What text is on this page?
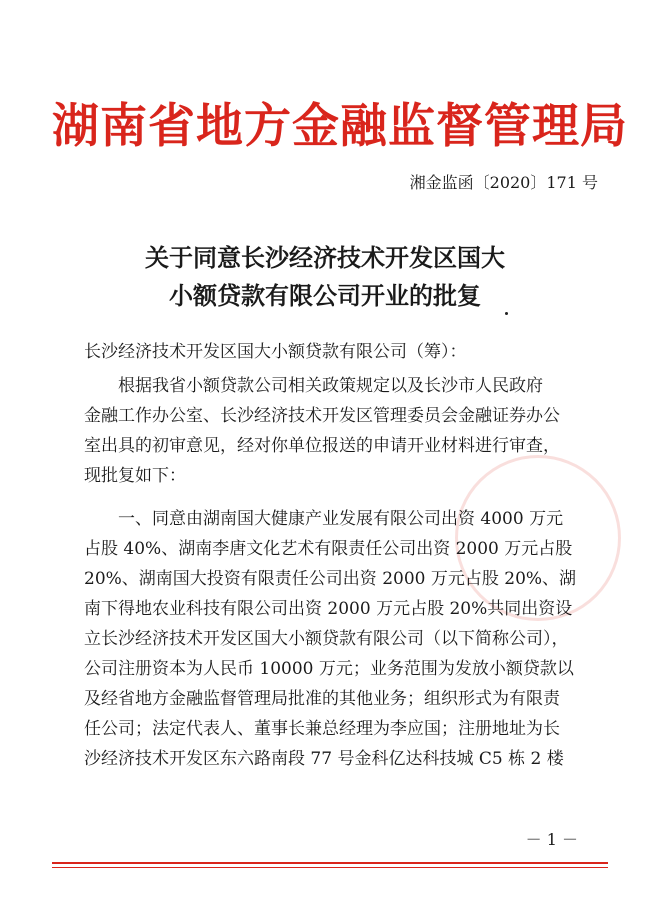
湖南省地方金融监督管理局
湘金监函〔2020〕171 号
关于同意长沙经济技术开发区国大
小额贷款有限公司开业的批复
长沙经济技术开发区国大小额贷款有限公司（筹）：
根据我省小额贷款公司相关政策规定以及长沙市人民政府
金融工作办公室、长沙经济技术开发区管理委员会金融证券办公
室出具的初审意见，经对你单位报送的申请开业材料进行审查，
现批复如下：
一、同意由湖南国大健康产业发展有限公司出资 4000 万元
占股 40%、湖南李唐文化艺术有限责任公司出资 2000 万元占股
20%、湖南国大投资有限责任公司出资 2000 万元占股 20%、湖
南下得地农业科技有限公司出资 2000 万元占股 20%共同出资设
立长沙经济技术开发区国大小额贷款有限公司（以下简称公司），
公司注册资本为人民币 10000 万元；业务范围为发放小额贷款以
及经省地方金融监督管理局批准的其他业务；组织形式为有限责
任公司；法定代表人、董事长兼总经理为李应国；注册地址为长
沙经济技术开发区东六路南段 77 号金科亿达科技城 C5 栋 2 楼
－ 1 －
